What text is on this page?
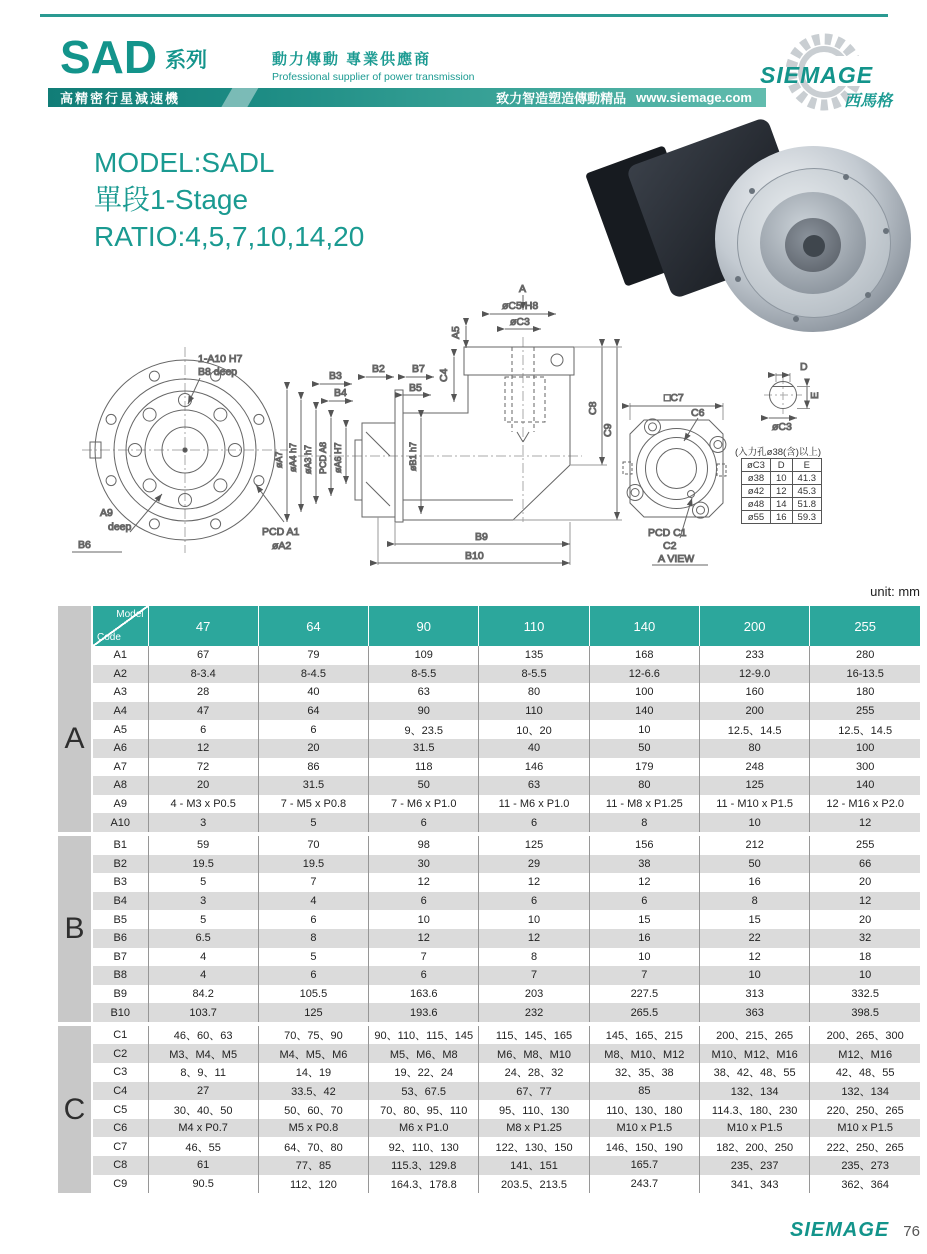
SAD 系列	動力傳動 專業供應商
Professional supplier of power transmission
高精密行星減速機	致力智造塑造傳動精品 www.siemage.com
SIEMAGE
西馬格
MODEL:SADL
單段1-Stage
RATIO:4,5,7,10,14,20
1-A10 H7
B8 deep
A9
deep
B6
PCD A1
øA2
B3
B2	B7
B4	B5
A5
C4
øC5 H8
øC3
A
C8
C9
øA7 øA4 h7 øA3 h7 PCD A8 øA6 H7	øB1 h7
B9
B10
□C7
C6
PCD C1
C2
A VIEW
D
E
øC3
(入力孔ø38(含)以上)
øC3	D	E
ø38	10	41.3
ø42	12	45.3
ø48	14	51.8
ø55	16	59.3
unit: mm

	Model
Code	47	64	90	110	140	200	255
A	A1	67	79	109	135	168	233	280
	A2	8-3.4	8-4.5	8-5.5	8-5.5	12-6.6	12-9.0	16-13.5
	A3	28	40	63	80	100	160	180
	A4	47	64	90	110	140	200	255
	A5	6	6	9、23.5	10、20	10	12.5、14.5	12.5、14.5
	A6	12	20	31.5	40	50	80	100
	A7	72	86	118	146	179	248	300
	A8	20	31.5	50	63	80	125	140
	A9	4 - M3 x P0.5	7 - M5 x P0.8	7 - M6 x P1.0	11 - M6 x P1.0	11 - M8 x P1.25	11 - M10 x P1.5	12 - M16 x P2.0
	A10	3	5	6	6	8	10	12
B	B1	59	70	98	125	156	212	255
	B2	19.5	19.5	30	29	38	50	66
	B3	5	7	12	12	12	16	20
	B4	3	4	6	6	6	8	12
	B5	5	6	10	10	15	15	20
	B6	6.5	8	12	12	16	22	32
	B7	4	5	7	8	10	12	18
	B8	4	6	6	7	7	10	10
	B9	84.2	105.5	163.6	203	227.5	313	332.5
	B10	103.7	125	193.6	232	265.5	363	398.5
C	C1	46、60、63	70、75、90	90、110、115、145	115、145、165	145、165、215	200、215、265	200、265、300
	C2	M3、M4、M5	M4、M5、M6	M5、M6、M8	M6、M8、M10	M8、M10、M12	M10、M12、M16	M12、M16
	C3	8、9、11	14、19	19、22、24	24、28、32	32、35、38	38、42、48、55	42、48、55
	C4	27	33.5、42	53、67.5	67、77	85	132、134	132、134
	C5	30、40、50	50、60、70	70、80、95、110	95、110、130	110、130、180	114.3、180、230	220、250、265
	C6	M4 x P0.7	M5 x P0.8	M6 x P1.0	M8 x P1.25	M10 x P1.5	M10 x P1.5	M10 x P1.5
	C7	46、55	64、70、80	92、110、130	122、130、150	146、150、190	182、200、250	222、250、265
	C8	61	77、85	115.3、129.8	141、151	165.7	235、237	235、273
	C9	90.5	112、120	164.3、178.8	203.5、213.5	243.7	341、343	362、364
SIEMAGE 76
